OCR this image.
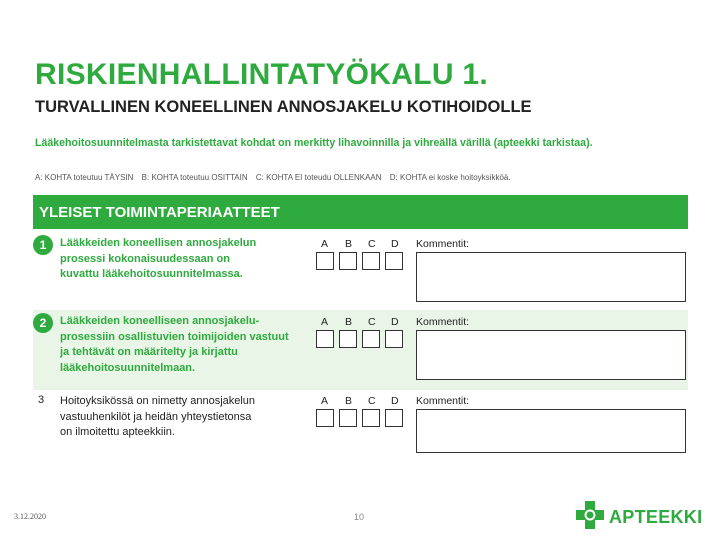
RISKIENHALLINTATYÖKALU 1.
TURVALLINEN KONEELLINEN ANNOSJAKELU KOTIHOIDOLLE
Lääkehoitosuunnitelmasta tarkistettavat kohdat on merkitty lihavoinnilla ja vihreällä värillä (apteekki tarkistaa).
A: KOHTA toteutuu TÄYSIN B: KOHTA toteutuu OSITTAIN C: KOHTA EI toteudu OLLENKAAN D: KOHTA ei koske hoitoyksikköä.
YLEISET TOIMINTAPERIAATTEET
1	Lääkkeiden koneellisen annosjakelun
prosessi kokonaisuudessaan on
kuvattu lääkehoitosuunnitelmassa.
A B C D Kommentit:
2	Lääkkeiden koneelliseen annosjakelu-
prosessiin osallistuvien toimijoiden vastuut
ja tehtävät on määritelty ja kirjattu
lääkehoitosuunnitelmaan.
A B C D Kommentit:
3 Hoitoyksikössä on nimetty annosjakelun
vastuuhenkilöt ja heidän yhteystietonsa
on ilmoitettu apteekkiin.
A B C D Kommentit:
3.12.2020	10	APTEEKKI
